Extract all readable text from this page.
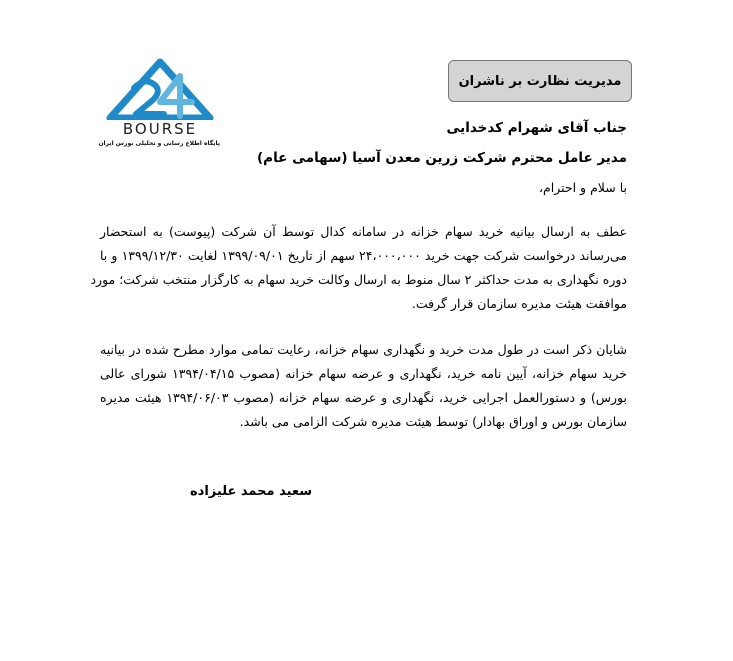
BOURSE
پایگاه اطلاع رسانی و تحلیلی بورس ایران
مدیریت نظارت بر ناشران
جناب آقای شهرام کدخدایی
مدیر عامل محترم شرکت زرین معدن آسیا (سهامی عام)
با سلام و احترام،
عطف به ارسال بیانیه خرید سهام خزانه در سامانه کدال توسط آن شرکت (پیوست) به استحضار
می‌رساند درخواست شرکت جهت خرید ۲۴،۰۰۰،۰۰۰ سهم از تاریخ ۱۳۹۹/۰۹/۰۱ لغایت ۱۳۹۹/۱۲/۳۰ و با
دوره نگهداری به مدت حداکثر ۲ سال منوط به ارسال وکالت خرید سهام به کارگزار منتخب شرکت؛ مورد
موافقت هیئت مدیره سازمان قرار گرفت.
شایان ذکر است در طول مدت خرید و نگهداری سهام خزانه، رعایت تمامی موارد مطرح شده در بیانیه
خرید سهام خزانه، آیین نامه خرید، نگهداری و عرضه سهام خزانه (مصوب ۱۳۹۴/۰۴/۱۵ شورای عالی
بورس) و دستورالعمل اجرایی خرید، نگهداری و عرضه سهام خزانه (مصوب ۱۳۹۴/۰۶/۰۳ هیئت مدیره
سازمان بورس و اوراق بهادار) توسط هیئت مدیره شرکت الزامی می باشد.
سعید محمد علیزاده
